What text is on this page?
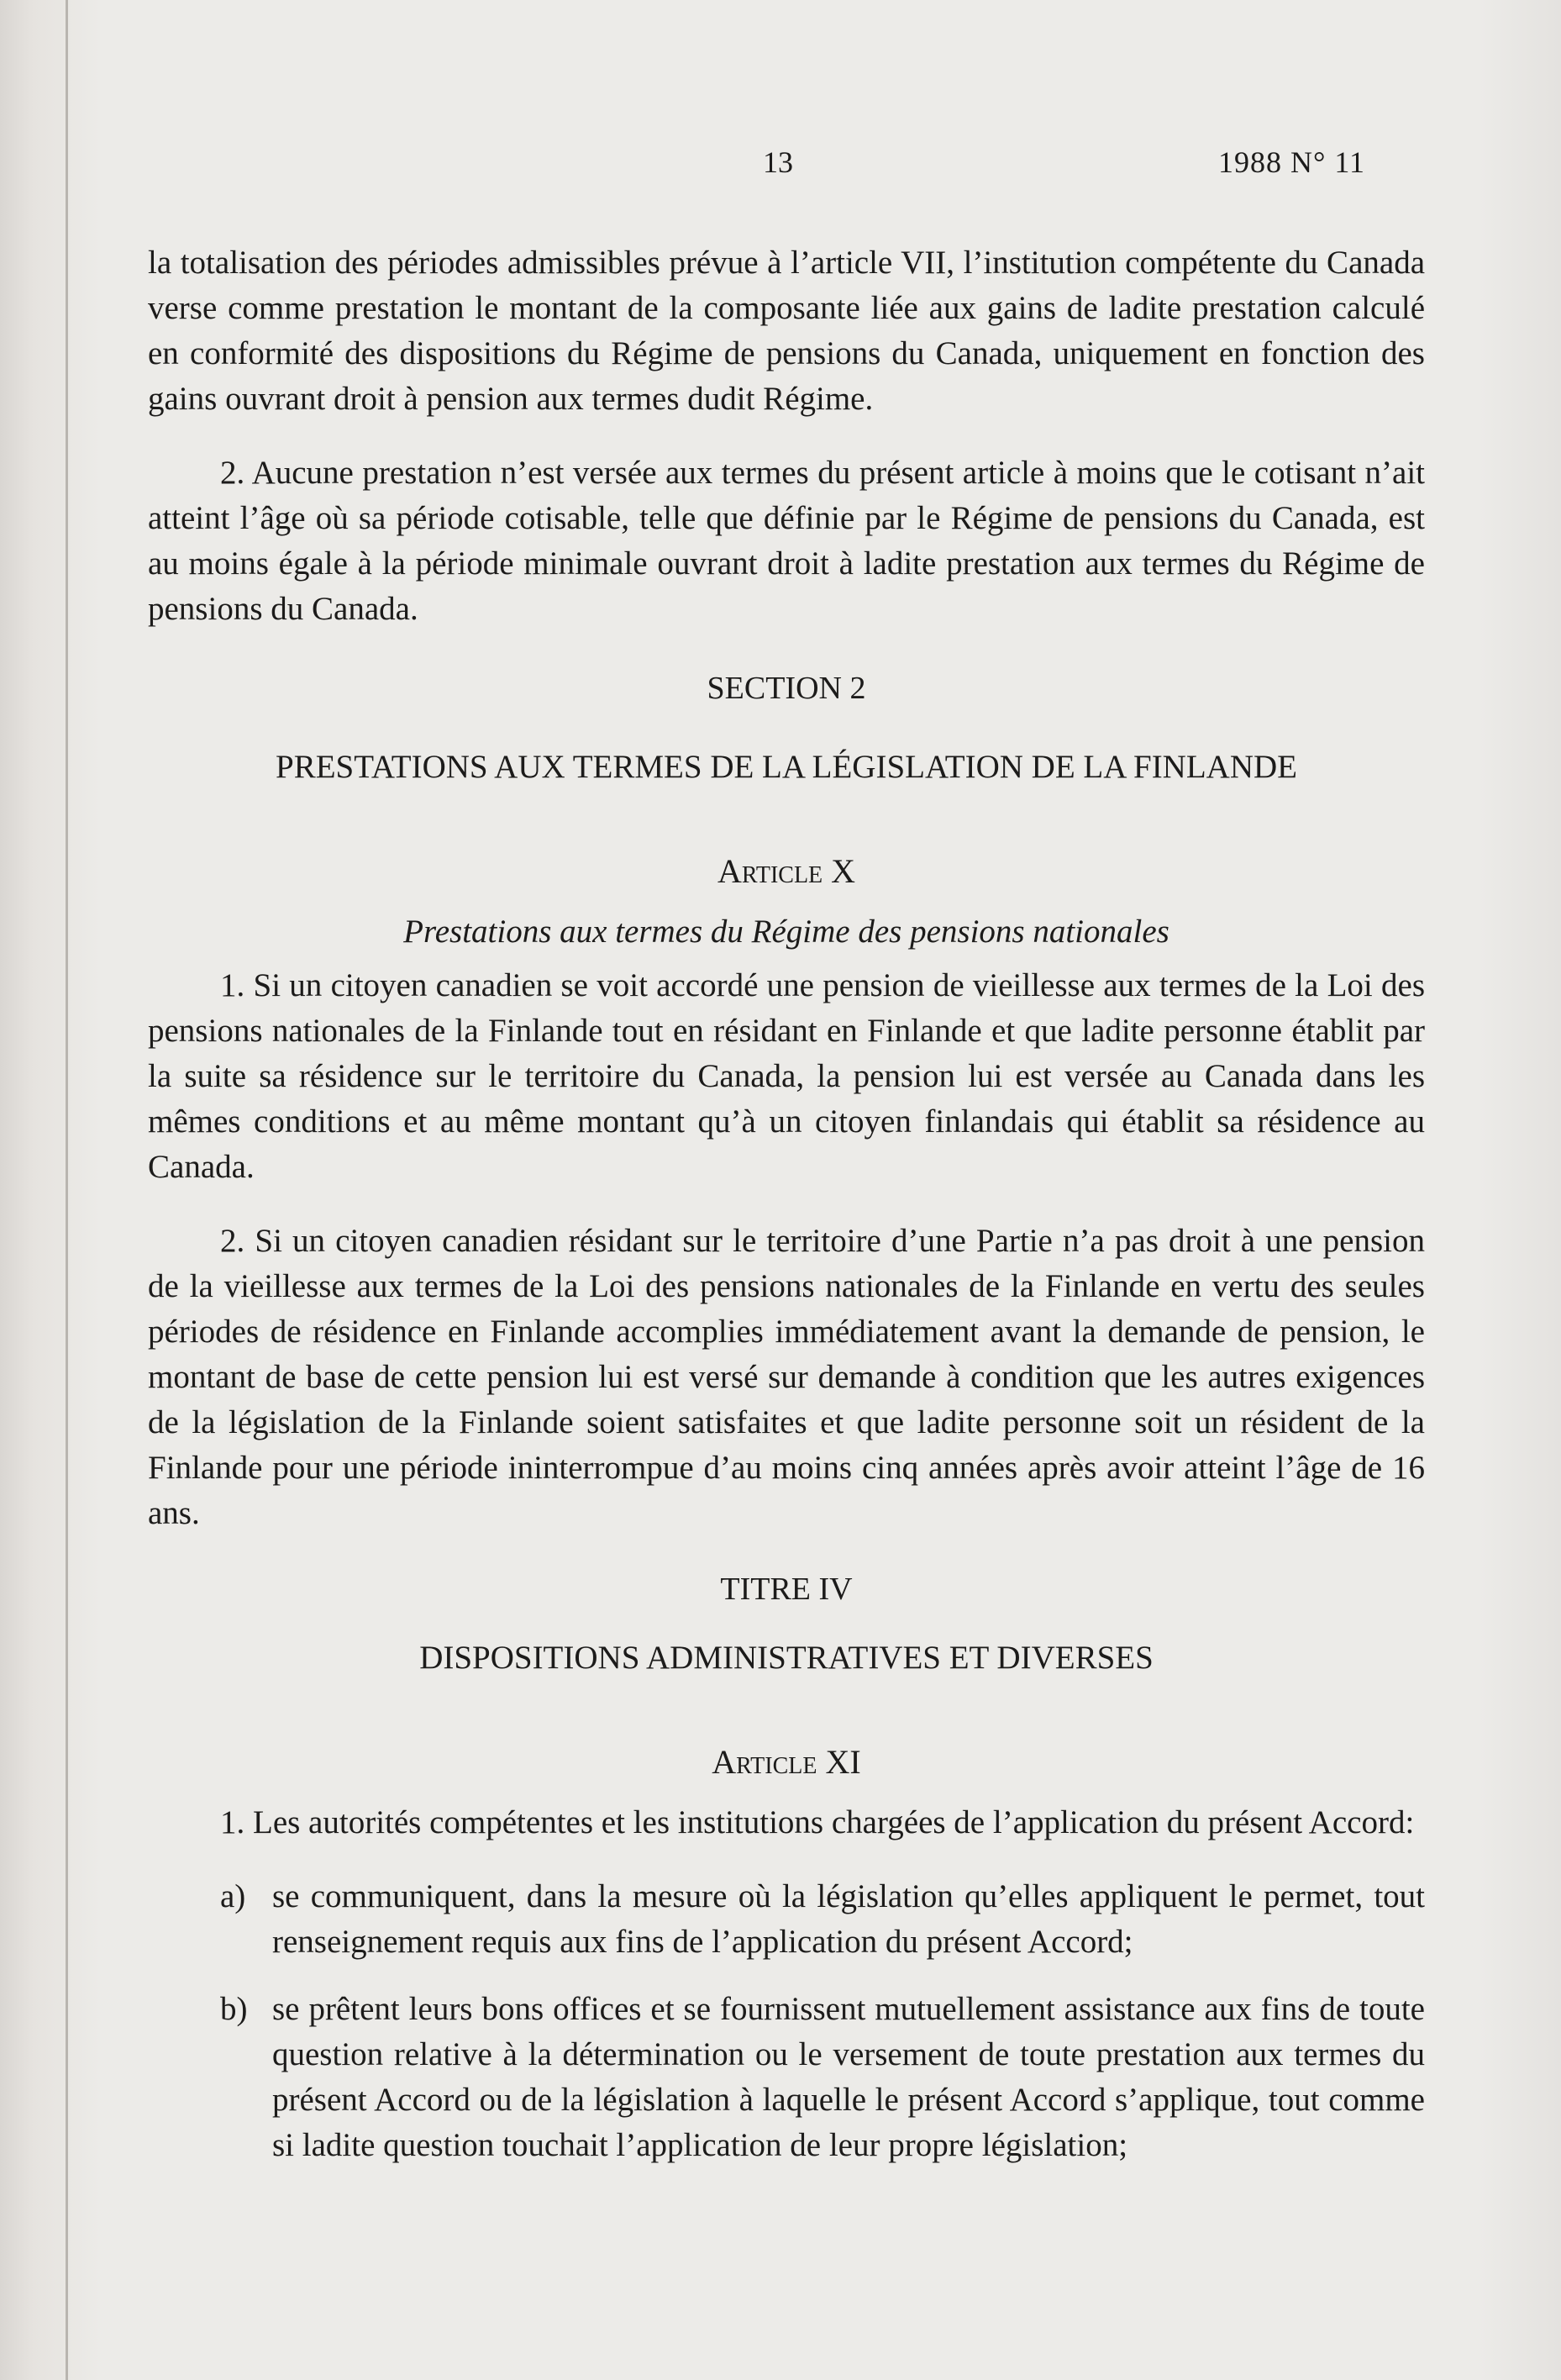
13	1988 N° 11

la totalisation des périodes admissibles prévue à l’article VII, l’institution compétente du Canada verse comme prestation le montant de la composante liée aux gains de ladite prestation calculé en conformité des dispositions du Régime de pensions du Canada, uniquement en fonction des gains ouvrant droit à pension aux termes dudit Régime.

2. Aucune prestation n’est versée aux termes du présent article à moins que le cotisant n’ait atteint l’âge où sa période cotisable, telle que définie par le Régime de pensions du Canada, est au moins égale à la période minimale ouvrant droit à ladite prestation aux termes du Régime de pensions du Canada.

SECTION 2
PRESTATIONS AUX TERMES DE LA LÉGISLATION DE LA FINLANDE
Article X
Prestations aux termes du Régime des pensions nationales

1. Si un citoyen canadien se voit accordé une pension de vieillesse aux termes de la Loi des pensions nationales de la Finlande tout en résidant en Finlande et que ladite personne établit par la suite sa résidence sur le territoire du Canada, la pension lui est versée au Canada dans les mêmes conditions et au même montant qu’à un citoyen finlandais qui établit sa résidence au Canada.

2. Si un citoyen canadien résidant sur le territoire d’une Partie n’a pas droit à une pension de la vieillesse aux termes de la Loi des pensions nationales de la Finlande en vertu des seules périodes de résidence en Finlande accomplies immédiatement avant la demande de pension, le montant de base de cette pension lui est versé sur demande à condition que les autres exigences de la législation de la Finlande soient satisfaites et que ladite personne soit un résident de la Finlande pour une période ininterrompue d’au moins cinq années après avoir atteint l’âge de 16 ans.

TITRE IV
DISPOSITIONS ADMINISTRATIVES ET DIVERSES
Article XI

1. Les autorités compétentes et les institutions chargées de l’application du présent Accord:

a) se communiquent, dans la mesure où la législation qu’elles appliquent le permet, tout renseignement requis aux fins de l’application du présent Accord;
b) se prêtent leurs bons offices et se fournissent mutuellement assistance aux fins de toute question relative à la détermination ou le versement de toute prestation aux termes du présent Accord ou de la législation à laquelle le présent Accord s’applique, tout comme si ladite question touchait l’application de leur propre législation;
